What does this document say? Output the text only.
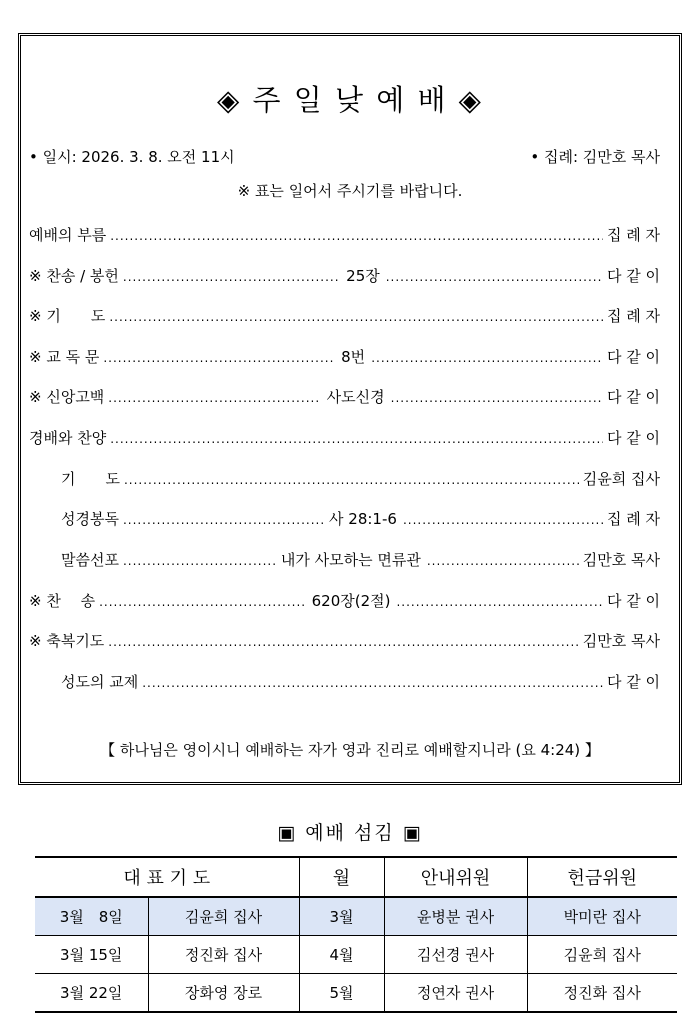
◈ 주 일 낮 예 배 ◈
• 일시: 2026. 3. 8. 오전 11시	• 집례: 김만호 목사
※ 표는 일어서 주시기를 바랍니다.
예배의 부름 .....	집 례 자
※ 찬송 / 봉헌 .....	25장 .....	다 같 이
※ 기　　도 .....	집 례 자
※ 교 독 문 .....	8번 .....	다 같 이
※ 신앙고백 .....	사도신경 .....	다 같 이
경배와 찬양 .....	다 같 이
기　　도 .....	김윤희 집사
성경봉독 .....	사 28:1-6 .....	집 례 자
말씀선포 .....	내가 사모하는 면류관 .....	김만호 목사
※ 찬　 송 .....	620장(2절) .....	다 같 이
※ 축복기도 .....	김만호 목사
성도의 교제 .....	다 같 이
【 하나님은 영이시니 예배하는 자가 영과 진리로 예배할지니라 (요 4:24) 】
▣ 예배 섬김 ▣
대 표 기 도		월	안내위원	헌금위원
3월　8일	김윤희 집사	3월	윤병분 권사	박미란 집사
3월 15일	정진화 집사	4월	김선경 권사	김윤희 집사
3월 22일	장화영 장로	5월	정연자 권사	정진화 집사
